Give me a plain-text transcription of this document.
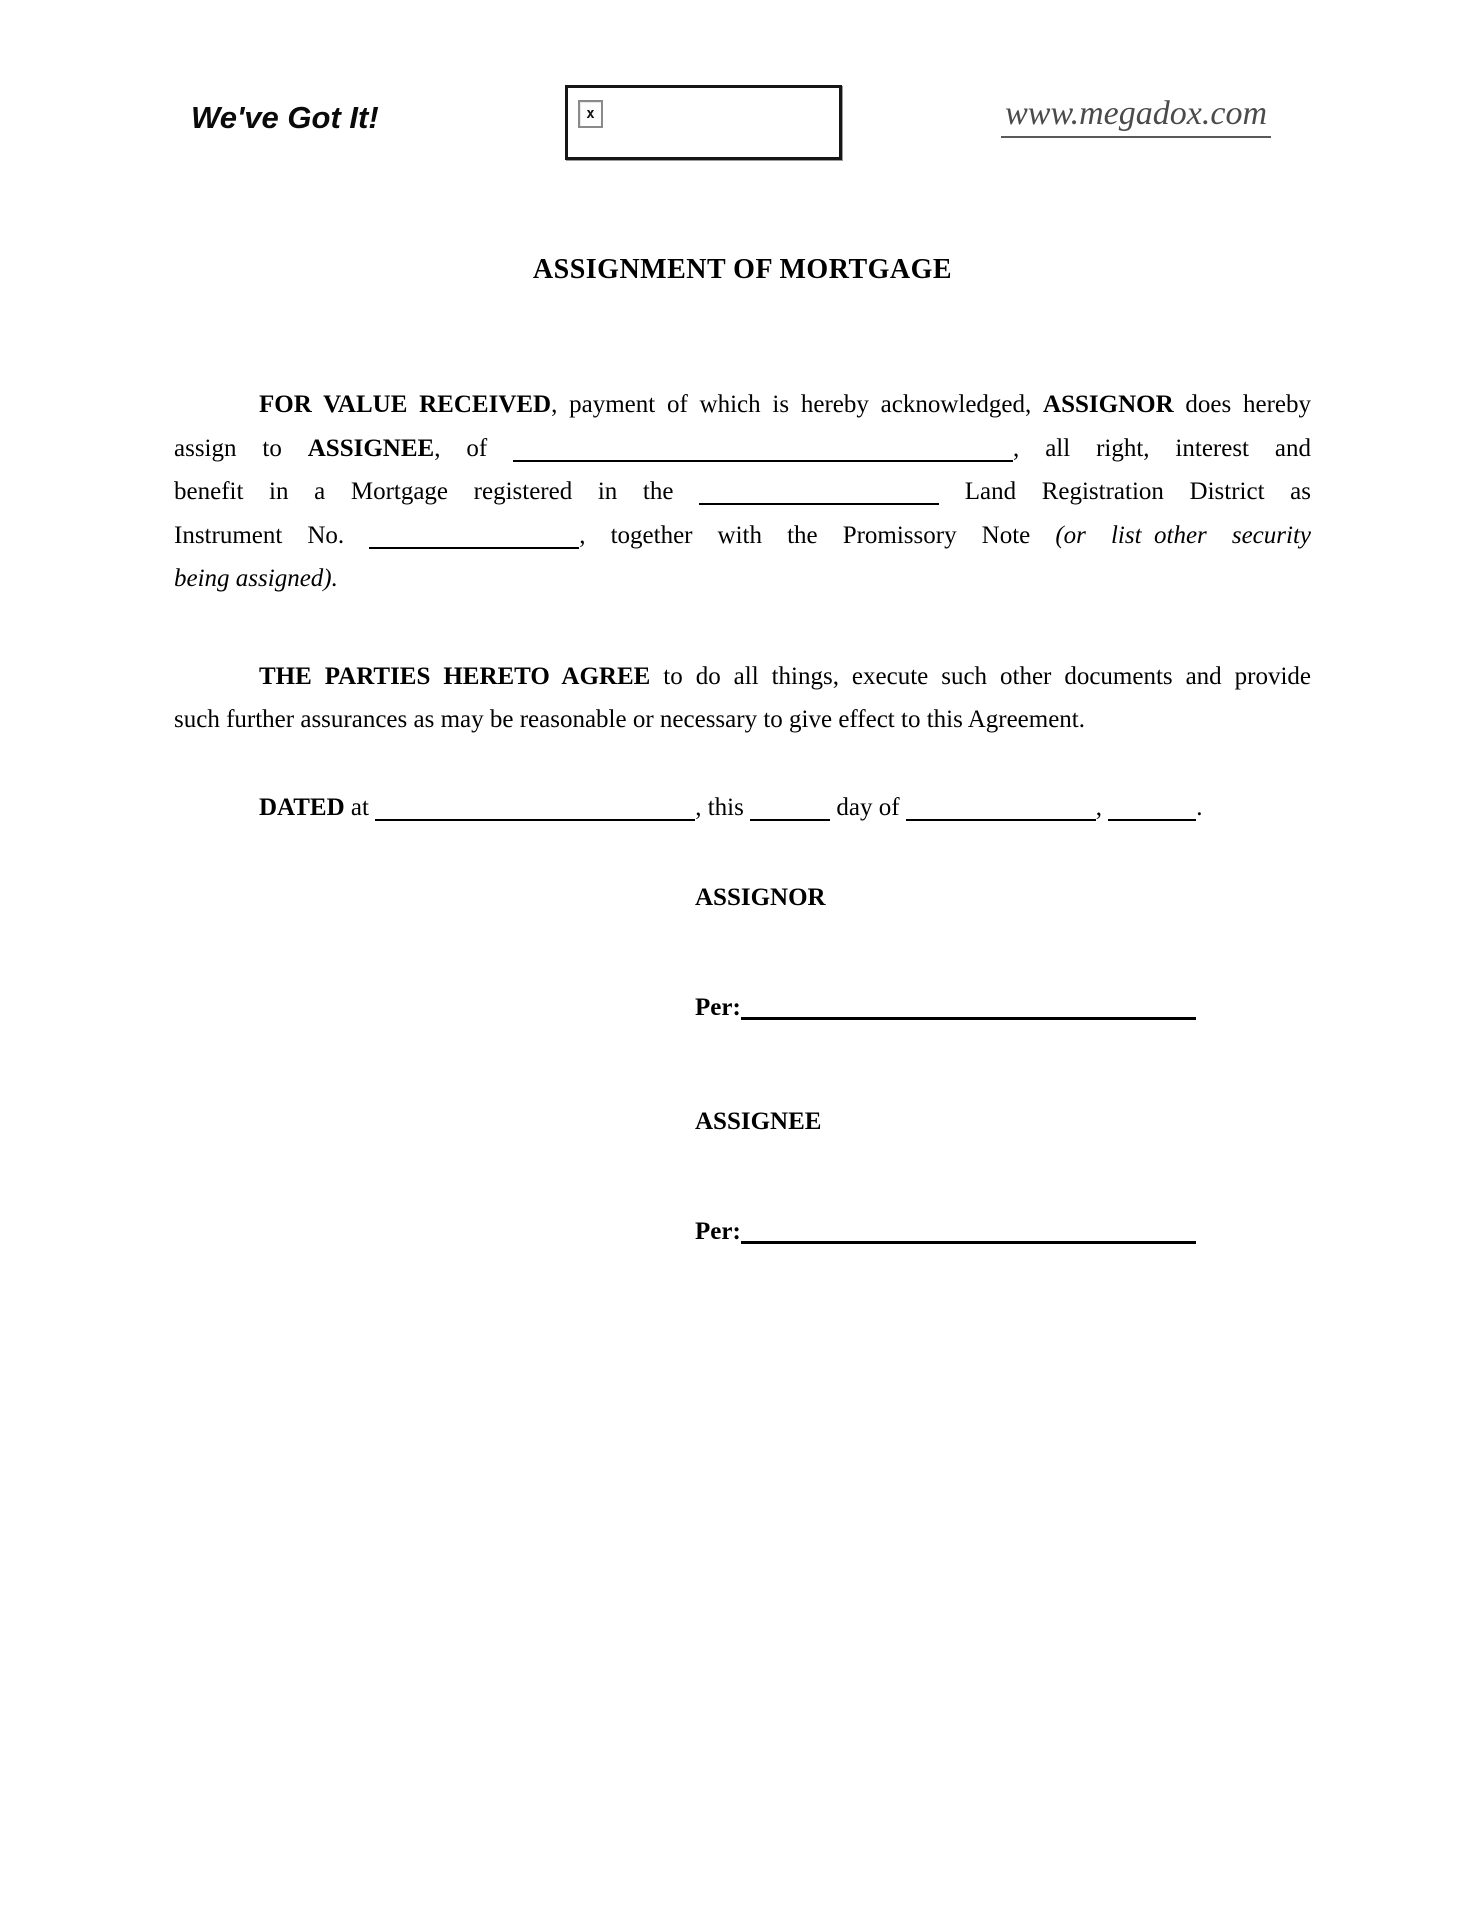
We've Got It!	x	www.megadox.com
ASSIGNMENT OF MORTGAGE
FOR VALUE RECEIVED, payment of which is hereby acknowledged, ASSIGNOR does hereby
assign to ASSIGNEE, of	, all right, interest and
benefit in a Mortgage registered in the	Land Registration District as
Instrument No.	, together with the Promissory Note (or list other security
being assigned).
THE PARTIES HERETO AGREE to do all things, execute such other documents and provide
such further assurances as may be reasonable or necessary to give effect to this Agreement.
DATED at	, this	day of	,	.
ASSIGNOR
Per:
ASSIGNEE
Per:
